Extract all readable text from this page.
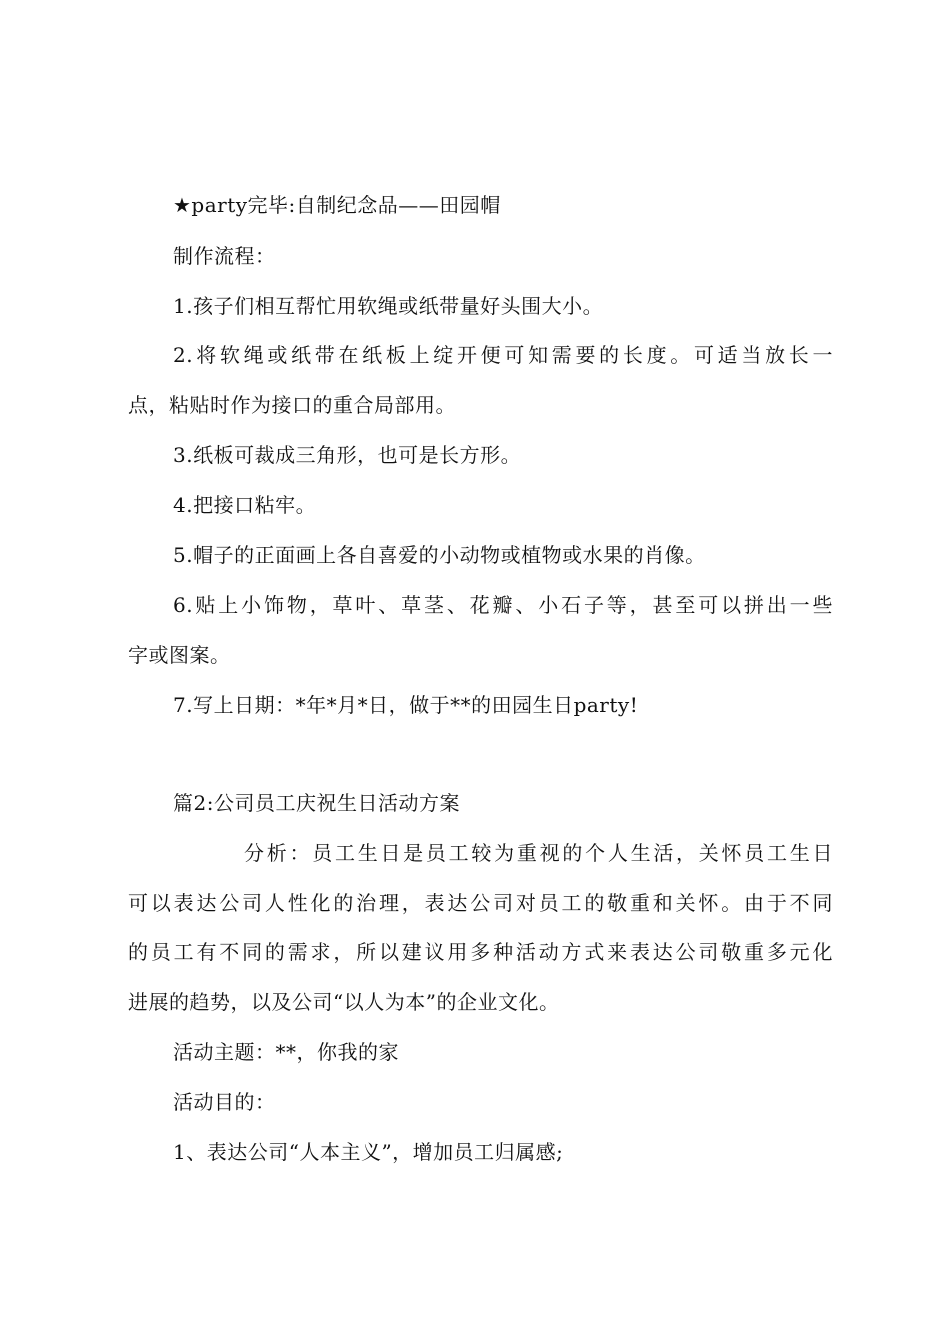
★party完毕:自制纪念品——田园帽
制作流程：
1.孩子们相互帮忙用软绳或纸带量好头围大小。
2.将软绳或纸带在纸板上绽开便可知需要的长度。可适当放长一
点，粘贴时作为接口的重合局部用。
3.纸板可裁成三角形，也可是长方形。
4.把接口粘牢。
5.帽子的正面画上各自喜爱的小动物或植物或水果的肖像。
6.贴上小饰物，草叶、草茎、花瓣、小石子等，甚至可以拼出一些
字或图案。
7.写上日期：*年*月*日，做于**的田园生日party!
篇2:公司员工庆祝生日活动方案
分析：员工生日是员工较为重视的个人生活，关怀员工生日
可以表达公司人性化的治理，表达公司对员工的敬重和关怀。由于不同
的员工有不同的需求，所以建议用多种活动方式来表达公司敬重多元化
进展的趋势，以及公司“以人为本”的企业文化。
活动主题：**，你我的家
活动目的：
1、表达公司“人本主义”，增加员工归属感;
